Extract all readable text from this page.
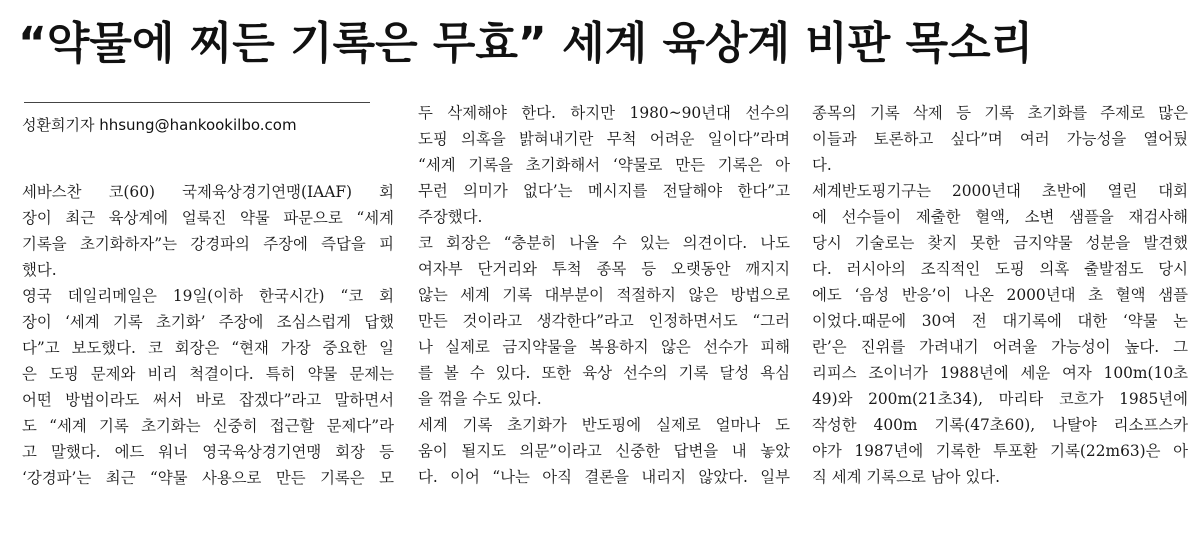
“약물에 찌든 기록은 무효” 세계 육상계 비판 목소리
성환희기자 hhsung@hankookilbo.com
세바스찬 코(60) 국제육상경기연맹(IAAF) 회
장이 최근 육상계에 얼룩진 약물 파문으로 “세계
기록을 초기화하자”는 강경파의 주장에 즉답을 피
했다.
영국 데일리메일은 19일(이하 한국시간) “코 회
장이 ‘세계 기록 초기화’ 주장에 조심스럽게 답했
다”고 보도했다. 코 회장은 “현재 가장 중요한 일
은 도핑 문제와 비리 척결이다. 특히 약물 문제는
어떤 방법이라도 써서 바로 잡겠다”라고 말하면서
도 “세계 기록 초기화는 신중히 접근할 문제다”라
고 말했다. 에드 워너 영국육상경기연맹 회장 등
‘강경파’는 최근 “약물 사용으로 만든 기록은 모
두 삭제해야 한다. 하지만 1980~90년대 선수의
도핑 의혹을 밝혀내기란 무척 어려운 일이다”라며
“세계 기록을 초기화해서 ‘약물로 만든 기록은 아
무런 의미가 없다’는 메시지를 전달해야 한다”고
주장했다.
코 회장은 “충분히 나올 수 있는 의견이다. 나도
여자부 단거리와 투척 종목 등 오랫동안 깨지지
않는 세계 기록 대부분이 적절하지 않은 방법으로
만든 것이라고 생각한다”라고 인정하면서도 “그러
나 실제로 금지약물을 복용하지 않은 선수가 피해
를 볼 수 있다. 또한 육상 선수의 기록 달성 욕심
을 꺾을 수도 있다.
세계 기록 초기화가 반도핑에 실제로 얼마나 도
움이 될지도 의문”이라고 신중한 답변을 내 놓았
다. 이어 “나는 아직 결론을 내리지 않았다. 일부
종목의 기록 삭제 등 기록 초기화를 주제로 많은
이들과 토론하고 싶다”며 여러 가능성을 열어뒀
다.
세계반도핑기구는 2000년대 초반에 열린 대회
에 선수들이 제출한 혈액, 소변 샘플을 재검사해
당시 기술로는 찾지 못한 금지약물 성분을 발견했
다. 러시아의 조직적인 도핑 의혹 출발점도 당시
에도 ‘음성 반응’이 나온 2000년대 초 혈액 샘플
이었다.때문에 30여 전 대기록에 대한 ‘약물 논
란’은 진위를 가려내기 어려울 가능성이 높다. 그
리피스 조이너가 1988년에 세운 여자 100m(10초
49)와 200m(21초34), 마리타 코흐가 1985년에
작성한 400m 기록(47초60), 나탈야 리소프스카
야가 1987년에 기록한 투포환 기록(22m63)은 아
직 세계 기록으로 남아 있다.
